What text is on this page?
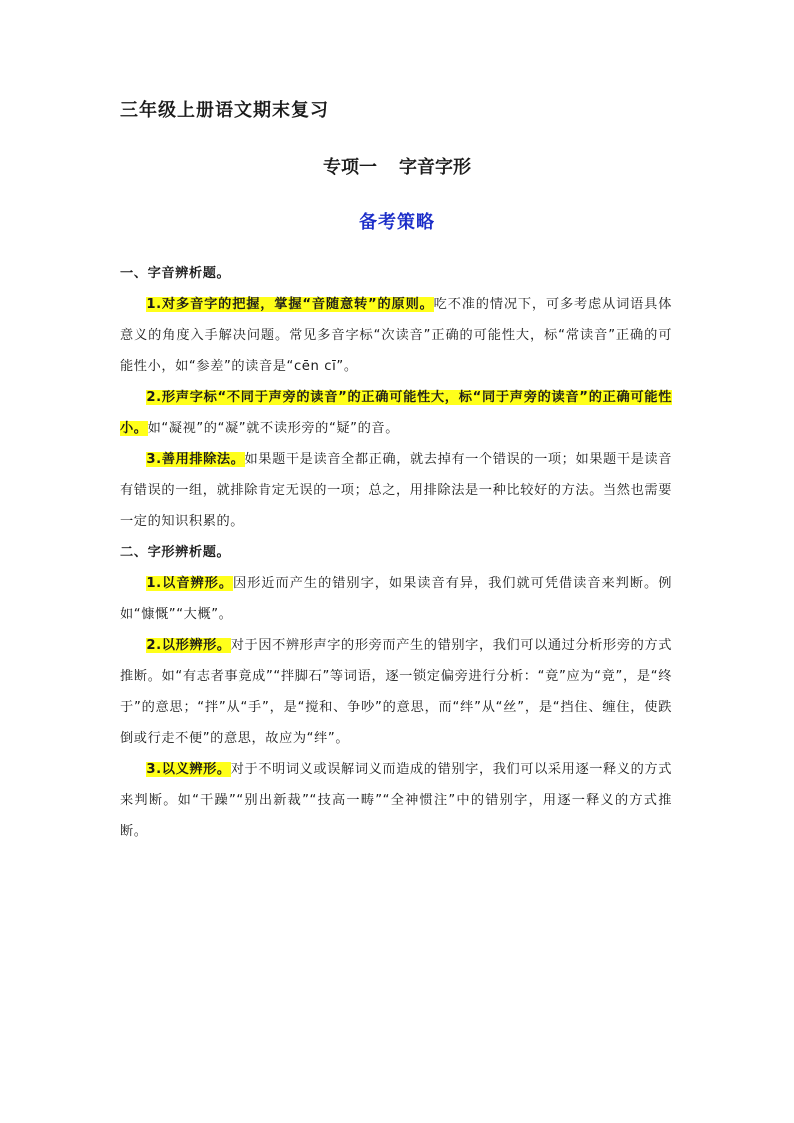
三年级上册语文期末复习
专项一 字音字形
备考策略

一、字音辨析题。

1.对多音字的把握，掌握“音随意转”的原则。吃不准的情况下，可多考虑从词语具体意义的角度入手解决问题。常见多音字标“次读音”正确的可能性大，标“常读音”正确的可能性小，如“参差”的读音是“cēn cī”。

2.形声字标“不同于声旁的读音”的正确可能性大，标“同于声旁的读音”的正确可能性小。如“凝视”的“凝”就不读形旁的“疑”的音。

3.善用排除法。如果题干是读音全都正确，就去掉有一个错误的一项；如果题干是读音有错误的一组，就排除肯定无误的一项；总之，用排除法是一种比较好的方法。当然也需要一定的知识积累的。

二、字形辨析题。

1.以音辨形。因形近而产生的错别字，如果读音有异，我们就可凭借读音来判断。例如“慷慨”“大概”。

2.以形辨形。对于因不辨形声字的形旁而产生的错别字，我们可以通过分析形旁的方式推断。如“有志者事竟成”“拌脚石”等词语，逐一锁定偏旁进行分析：“竟”应为“竟”，是“终于”的意思；“拌”从“手”，是“搅和、争吵”的意思，而“绊”从“丝”，是“挡住、缠住，使跌倒或行走不便”的意思，故应为“绊”。

3.以义辨形。对于不明词义或误解词义而造成的错别字，我们可以采用逐一释义的方式来判断。如“干躁”“别出新裁”“技高一畴”“全神惯注”中的错别字，用逐一释义的方式推断。
